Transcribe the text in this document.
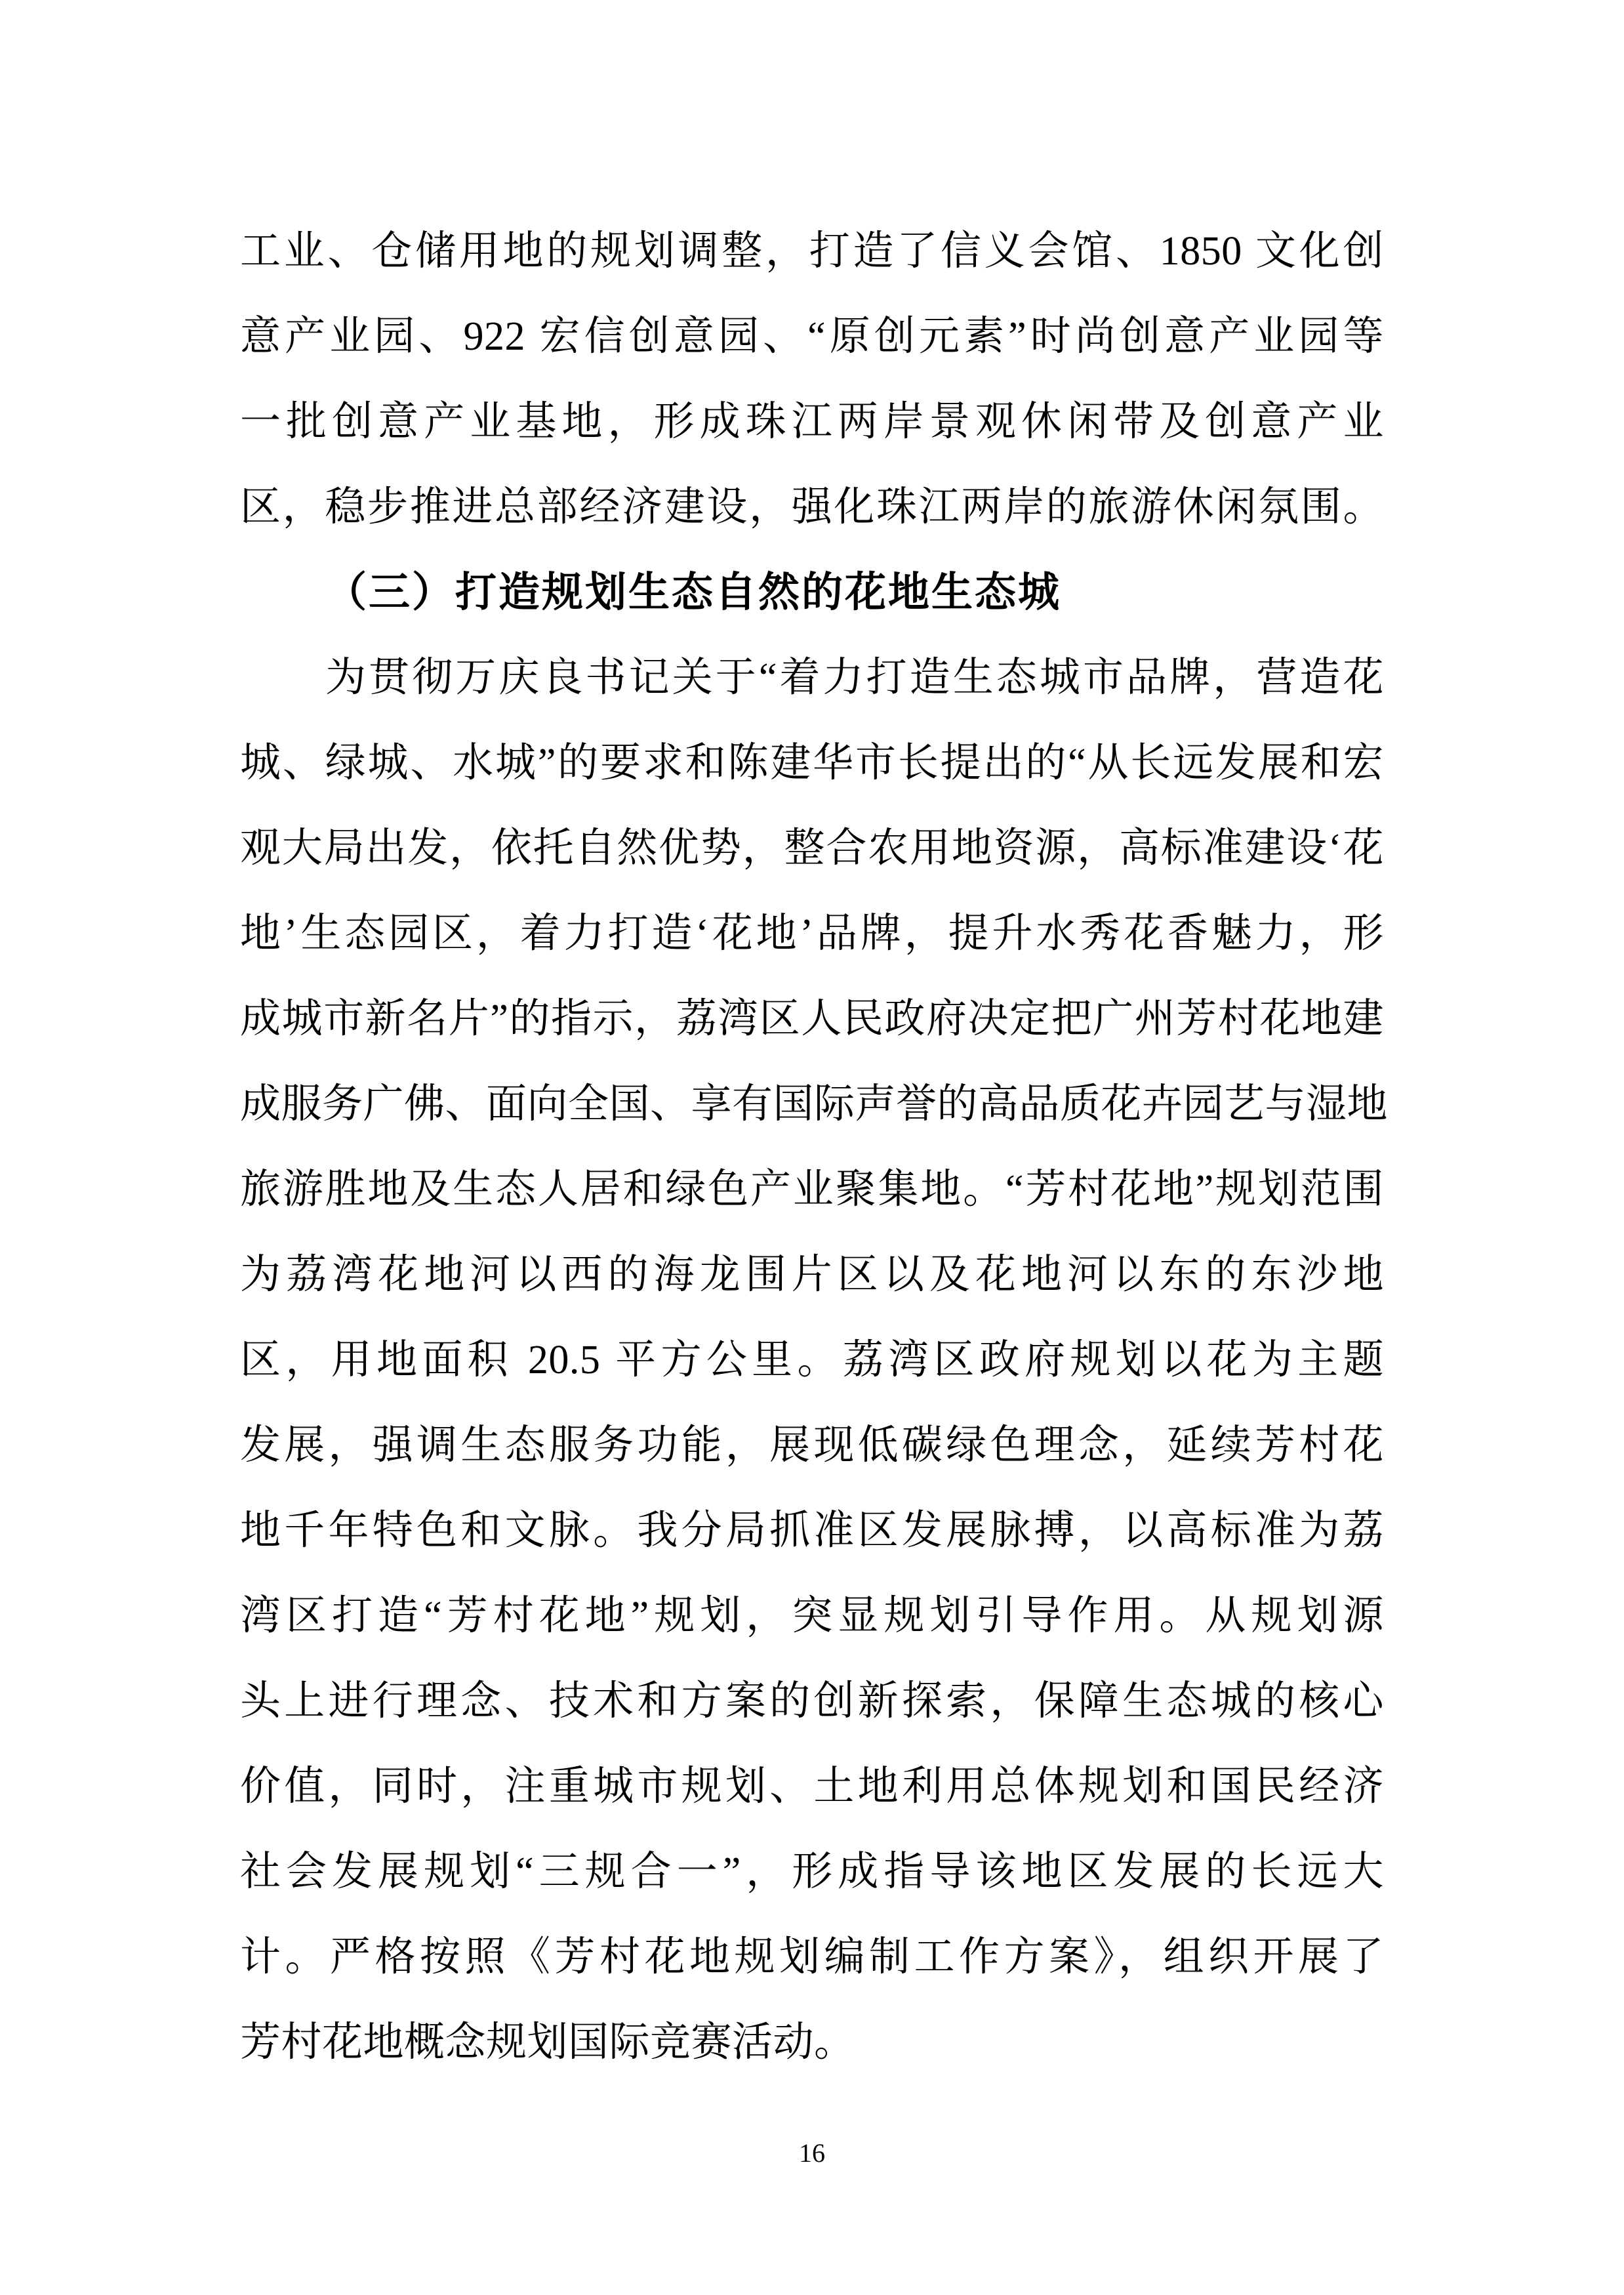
工业、仓储用地的规划调整，打造了信义会馆、1850 文化创
意产业园、922 宏信创意园、“原创元素”时尚创意产业园等
一批创意产业基地，形成珠江两岸景观休闲带及创意产业
区，稳步推进总部经济建设，强化珠江两岸的旅游休闲氛围。
（三）打造规划生态自然的花地生态城
为贯彻万庆良书记关于“着力打造生态城市品牌，营造花
城、绿城、水城”的要求和陈建华市长提出的“从长远发展和宏
观大局出发，依托自然优势，整合农用地资源，高标准建设‘花
地’生态园区，着力打造‘花地’品牌，提升水秀花香魅力，形
成城市新名片”的指示，荔湾区人民政府决定把广州芳村花地建
成服务广佛、面向全国、享有国际声誉的高品质花卉园艺与湿地
旅游胜地及生态人居和绿色产业聚集地。“芳村花地”规划范围
为荔湾花地河以西的海龙围片区以及花地河以东的东沙地
区，用地面积 20.5 平方公里。荔湾区政府规划以花为主题
发展，强调生态服务功能，展现低碳绿色理念，延续芳村花
地千年特色和文脉。我分局抓准区发展脉搏，以高标准为荔
湾区打造“芳村花地”规划，突显规划引导作用。从规划源
头上进行理念、技术和方案的创新探索，保障生态城的核心
价值，同时，注重城市规划、土地利用总体规划和国民经济
社会发展规划“三规合一”，形成指导该地区发展的长远大
计。严格按照《芳村花地规划编制工作方案》，组织开展了
芳村花地概念规划国际竞赛活动。
16
